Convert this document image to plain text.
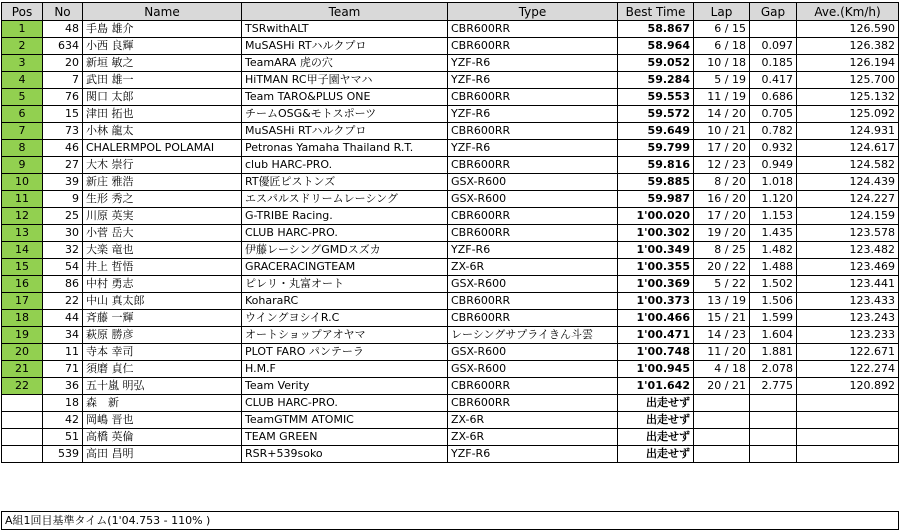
Pos	No	Name	Team	Type	Best Time	Lap	Gap	Ave.(Km/h)
1	48	手島 雄介	TSRwithALT	CBR600RR	58.867	6 / 15		126.590
2	634	小西 良輝	MuSASHi RTハルクプロ	CBR600RR	58.964	6 / 18	0.097	126.382
3	20	新垣 敏之	TeamARA 虎の穴	YZF-R6	59.052	10 / 18	0.185	126.194
4	7	武田 雄一	HiTMAN RC甲子園ヤマハ	YZF-R6	59.284	5 / 19	0.417	125.700
5	76	関口 太郎	Team TARO&PLUS ONE	CBR600RR	59.553	11 / 19	0.686	125.132
6	15	津田 拓也	チームOSG&モトスポーツ	YZF-R6	59.572	14 / 20	0.705	125.092
7	73	小林 龍太	MuSASHi RTハルクプロ	CBR600RR	59.649	10 / 21	0.782	124.931
8	46	CHALERMPOL POLAMAI	Petronas Yamaha Thailand R.T.	YZF-R6	59.799	17 / 20	0.932	124.617
9	27	大木 崇行	club HARC-PRO.	CBR600RR	59.816	12 / 23	0.949	124.582
10	39	新庄 雅浩	RT優匠ピストンズ	GSX-R600	59.885	8 / 20	1.018	124.439
11	9	生形 秀之	エスパルスドリームレーシング	GSX-R600	59.987	16 / 20	1.120	124.227
12	25	川原 英実	G-TRIBE Racing.	CBR600RR	1'00.020	17 / 20	1.153	124.159
13	30	小菅 岳大	CLUB HARC-PRO.	CBR600RR	1'00.302	19 / 20	1.435	123.578
14	32	大楽 竜也	伊藤レーシングGMDスズカ	YZF-R6	1'00.349	8 / 25	1.482	123.482
15	54	井上 哲悟	GRACERACINGTEAM	ZX-6R	1'00.355	20 / 22	1.488	123.469
16	86	中村 勇志	ピレリ・丸富オート	GSX-R600	1'00.369	5 / 22	1.502	123.441
17	22	中山 真太郎	KoharaRC	CBR600RR	1'00.373	13 / 19	1.506	123.433
18	44	斉藤 一輝	ウイングヨシイR.C	CBR600RR	1'00.466	15 / 21	1.599	123.243
19	34	萩原 勝彦	オートショップアオヤマ	レーシングサプライきん斗雲	1'00.471	14 / 23	1.604	123.233
20	11	寺本 幸司	PLOT FARO パンテーラ	GSX-R600	1'00.748	11 / 20	1.881	122.671
21	71	須磨 貞仁	H.M.F	GSX-R600	1'00.945	4 / 18	2.078	122.274
22	36	五十嵐 明弘	Team Verity	CBR600RR	1'01.642	20 / 21	2.775	120.892
	18	森　新	CLUB HARC-PRO.	CBR600RR	出走せず			
	42	岡嶋 晋也	TeamGTMM ATOMIC	ZX-6R	出走せず			
	51	高橋 英倫	TEAM GREEN	ZX-6R	出走せず			
	539	高田 昌明	RSR+539soko	YZF-R6	出走せず			
A組1回目基準タイム(1'04.753 - 110% )
